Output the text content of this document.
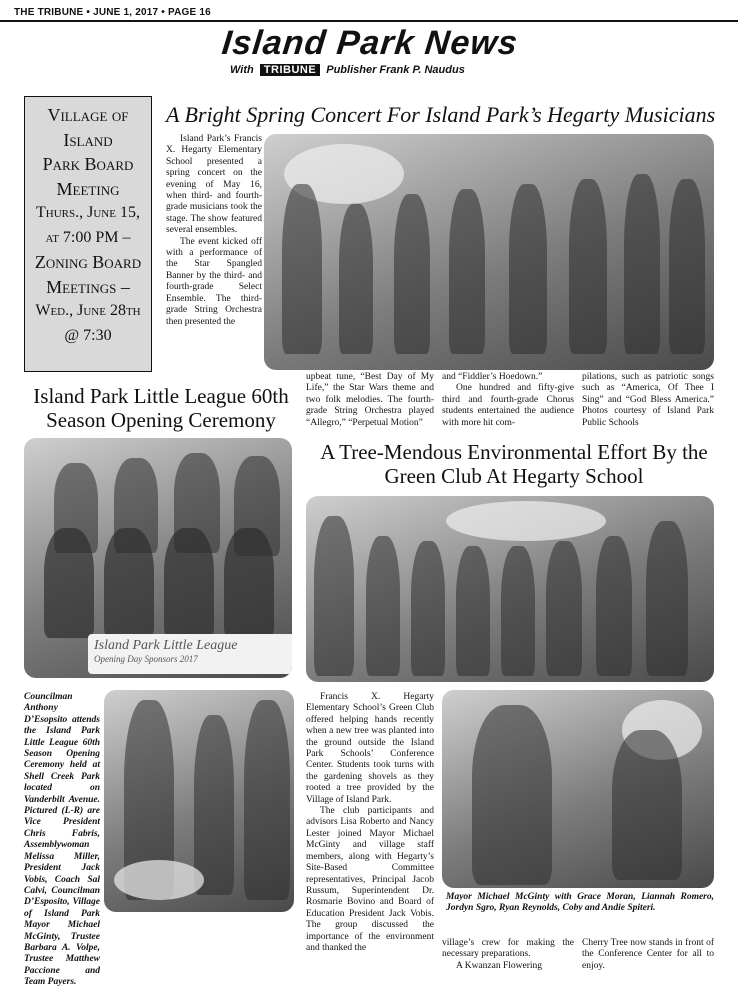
THE TRIBUNE • JUNE 1, 2017 • PAGE 16
Island Park News
With TRIBUNE Publisher Frank P. Naudus
Village of
Island
Park Board
Meeting
Thurs., June 15,
at 7:00 PM –
Zoning Board
Meetings –
Wed., June 28th
@ 7:30
A Bright Spring Concert For Island Park’s Hegarty Musicians

Island Park’s Francis X. Hegarty Elementary School presented a spring concert on the evening of May 16, when third- and fourth-grade musicians took the stage. The show featured several ensembles.

The event kicked off with a performance of the Star Spangled Banner by the third- and fourth-grade Select Ensemble. The third-grade String Orchestra then presented the

upbeat tune, “Best Day of My Life,” the Star Wars theme and two folk melodies. The fourth-grade String Orchestra played “Allegro,” “Perpetual Motion”

and “Fiddler’s Hoedown.”

One hundred and fifty-give third and fourth-grade Chorus students entertained the audience with more hit com-

pilations, such as patriotic songs such as “America, Of Thee I Sing” and “God Bless America.” Photos courtesy of Island Park Public Schools

Island Park Little League 60th Season Opening Ceremony
Island Park Little League
Opening Day Sponsors 2017
A Tree-Mendous Environmental Effort By the Green Club At Hegarty School
Councilman Anthony D’Esopsito attends the Island Park Little League 60th Season Opening Ceremony held at Shell Creek Park located on Vanderbilt Avenue. Pictured (L-R) are Vice President Chris Fabris, Assemblywoman Melissa Miller, President Jack Vobis, Coach Sal Calvi, Councilman D’Esposito, Village of Island Park Mayor Michael McGinty, Trustee Barbara A. Volpe, Trustee Matthew Paccione and Team Payers.

Francis X. Hegarty Elementary School’s Green Club offered helping hands recently when a new tree was planted into the ground outside the Island Park Schools’ Conference Center. Students took turns with the gardening shovels as they rooted a tree provided by the Village of Island Park.

The club participants and advisors Lisa Roberto and Nancy Lester joined Mayor Michael McGinty and village staff members, along with Hegarty’s Site-Based Committee representatives, Principal Jacob Russum, Superintendent Dr. Rosmarie Bovino and Board of Education President Jack Vobis. The group discussed the importance of the environment and thanked the

Mayor Michael McGinty with Grace Moran, Liannah Romero, Jordyn Sgro, Ryan Reynolds, Coby and Andie Spiteri.

village’s crew for making the necessary preparations.

A Kwanzan Flowering

Cherry Tree now stands in front of the Conference Center for all to enjoy.
